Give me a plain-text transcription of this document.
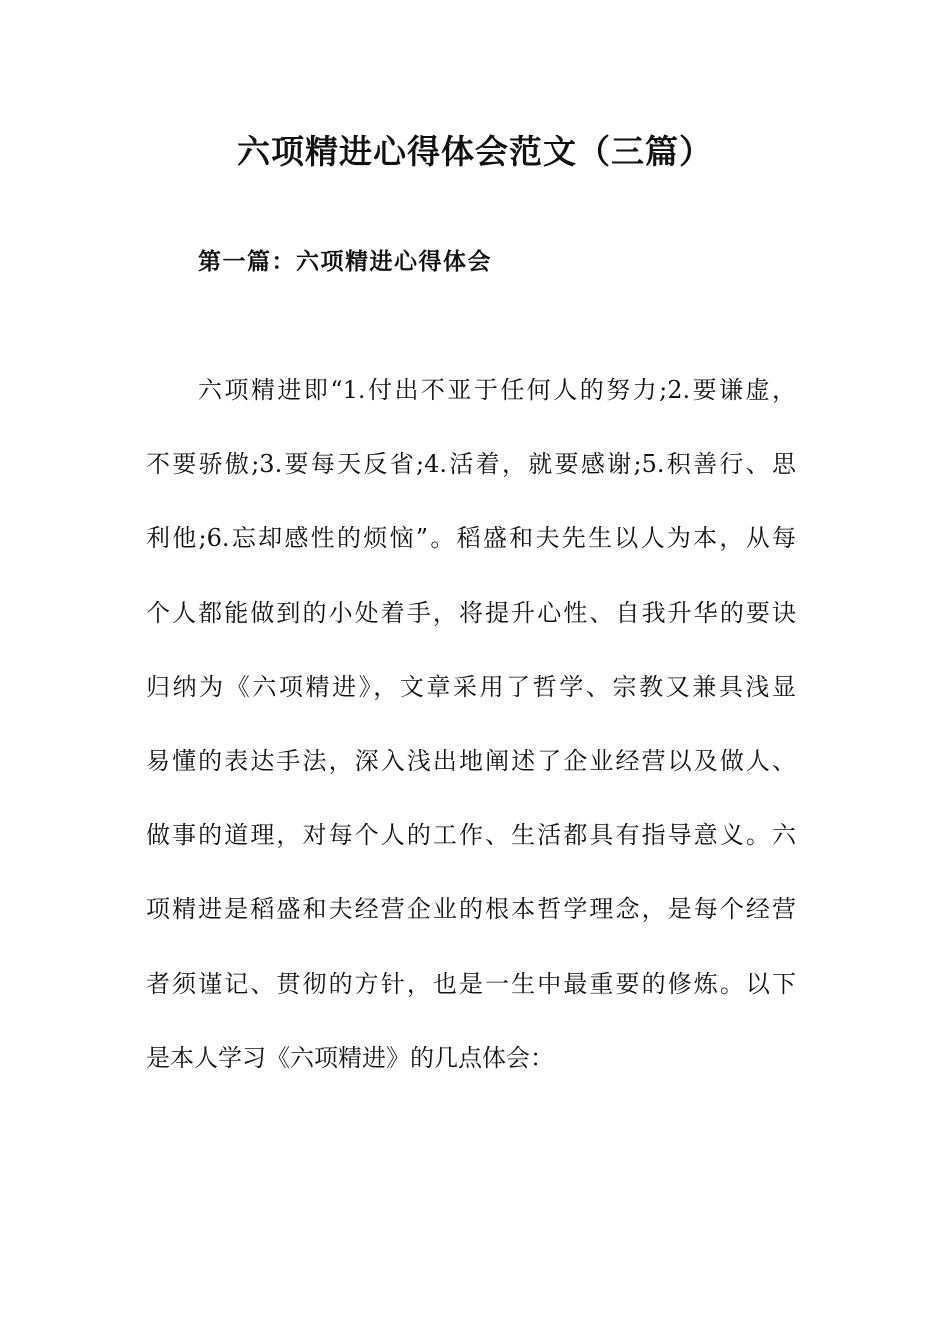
六项精进心得体会范文（三篇）
第一篇：六项精进心得体会
六项精进即“1.付出不亚于任何人的努力;2.要谦虚，
不要骄傲;3.要每天反省;4.活着，就要感谢;5.积善行、思
利他;6.忘却感性的烦恼”。稻盛和夫先生以人为本，从每
个人都能做到的小处着手，将提升心性、自我升华的要诀
归纳为《六项精进》，文章采用了哲学、宗教又兼具浅显
易懂的表达手法，深入浅出地阐述了企业经营以及做人、
做事的道理，对每个人的工作、生活都具有指导意义。六
项精进是稻盛和夫经营企业的根本哲学理念，是每个经营
者须谨记、贯彻的方针，也是一生中最重要的修炼。以下
是本人学习《六项精进》的几点体会：
